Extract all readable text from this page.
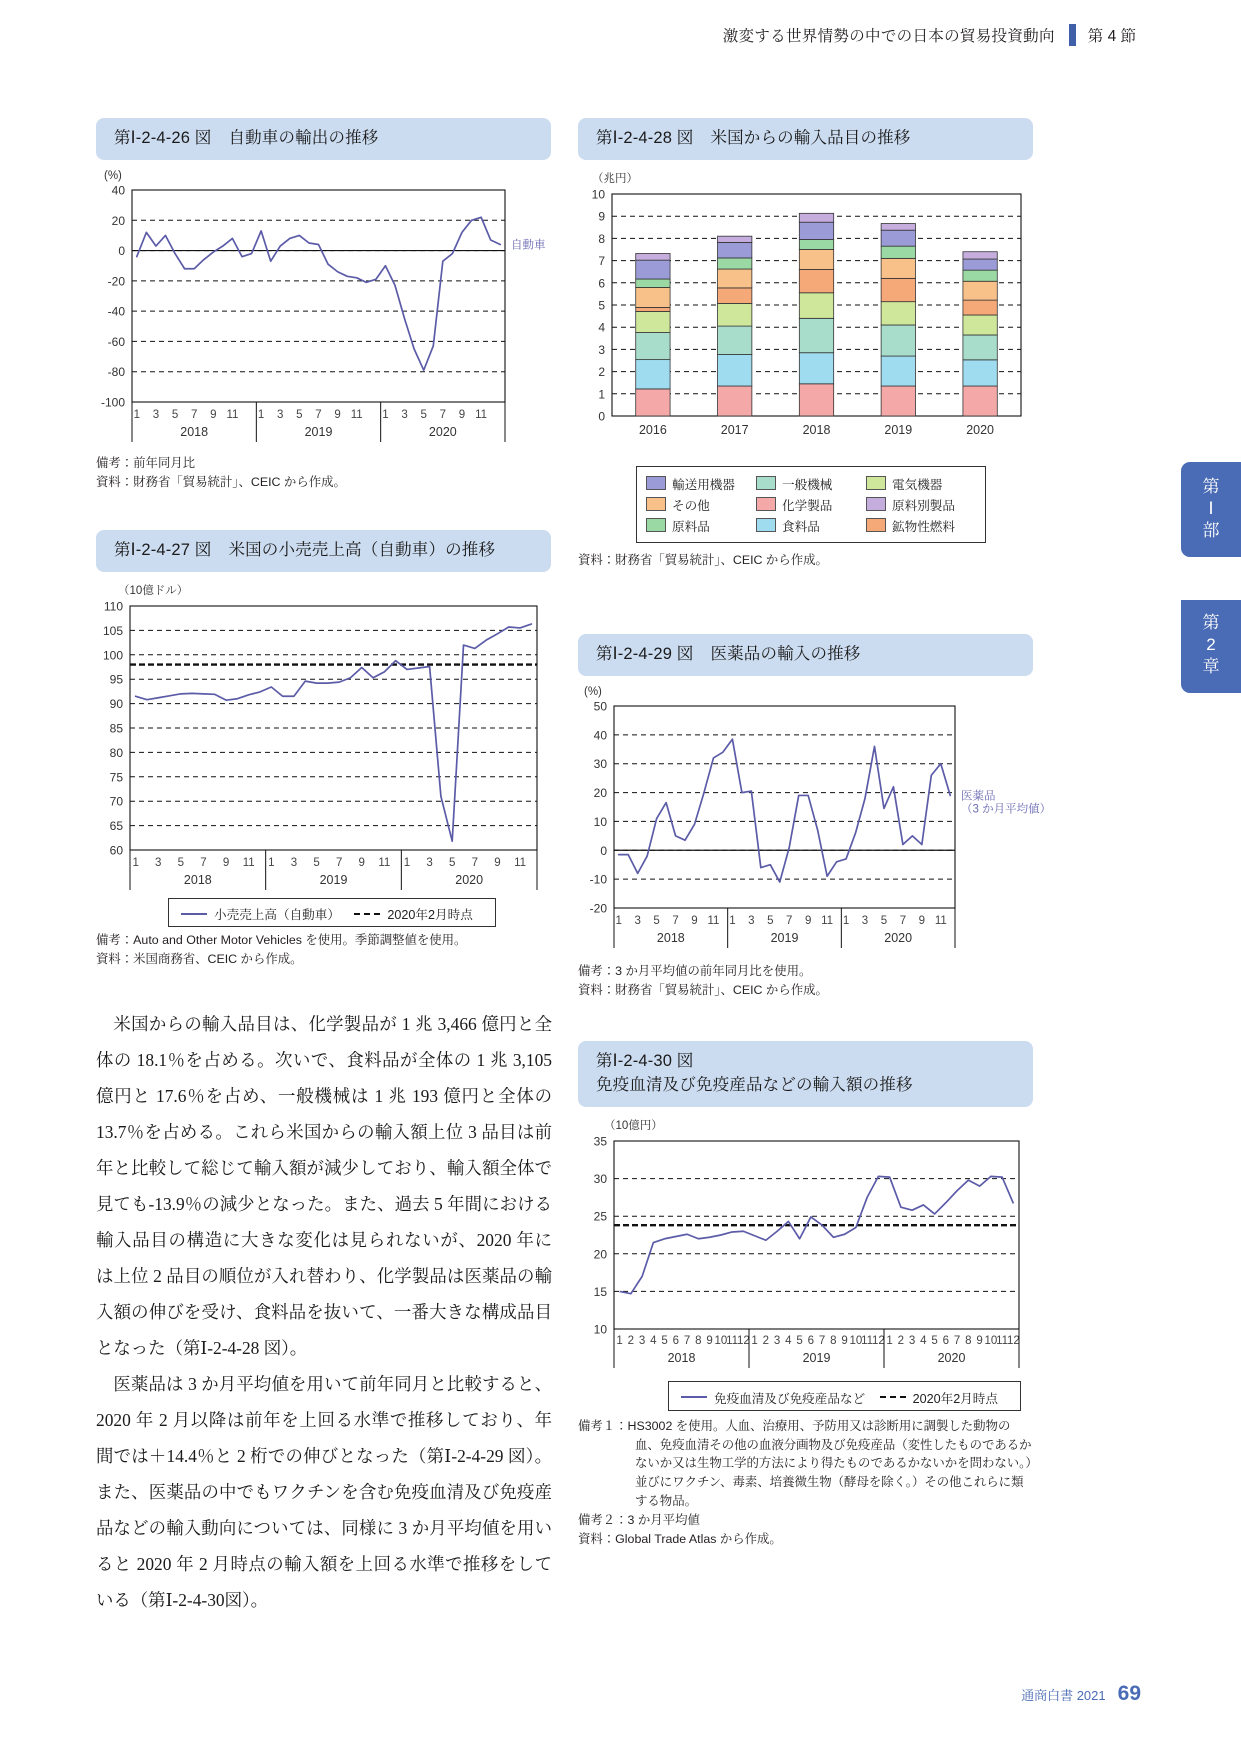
激変する世界情勢の中での日本の貿易投資動向 第 4 節
第
Ⅰ
部
第
2
章
第Ⅰ-2-4-26 図 自動車の輸出の推移
(%)
40
20
0
-20
-40
-60
-80
-100
1 3 5 7 9 11 1 3 5 7 9 11 1 3 5 7 9 11
2018	2019	2020
自動車
備考：前年同月比
資料：財務省「貿易統計」、CEIC から作成。
第Ⅰ-2-4-27 図 米国の小売売上高（自動車）の推移
（10億ドル）
110
105
100
95
90
85
80
75
70
65
60
1 3 5 7 9 11 1 3 5 7 9 11 1 3 5 7 9 11
2018	2019	2020
小売売上高（自動車）
	2020年2月時点
備考：Auto and Other Motor Vehicles を使用。季節調整値を使用。
資料：米国商務省、CEIC から作成。
第Ⅰ-2-4-28 図 米国からの輸入品目の推移
（兆円）
0
1
2
3
4
5
6
7
8
9
10
2016	2017	2018	2019	2020
輸送用機器	一般機械	電気機器
その他	化学製品	原料別製品
原料品	食料品	鉱物性燃料
資料：財務省「貿易統計」、CEIC から作成。
第Ⅰ-2-4-29 図 医薬品の輸入の推移
(%)
50
40
30
20
10
0
-10
-20
1 3 5 7 9 11 1 3 5 7 9 11 1 3 5 7 9 11
2018	2019	2020
医薬品
（3 か月平均値）
備考：3 か月平均値の前年同月比を使用。
資料：財務省「貿易統計」、CEIC から作成。
第Ⅰ-2-4-30 図
免疫血清及び免疫産品などの輸入額の推移
（10億円）
35
30
25
20
15
10
1 2 3 4 5 6 7 8 9 10
11
12 1 2 3 4 5 6 7 8 9 10
11
12 1 2 3 4 5 6 7 8 9 10
11
12
2018	2019	2020
免疫血清及び免疫産品など
	2020年2月時点
備考１：HS3002 を使用。人血、治療用、予防用又は診断用に調製した動物の血、免疫血清その他の血液分画物及び免疫産品（変性したものであるかないか又は生物工学的方法により得たものであるかないかを問わない。）並びにワクチン、毒素、培養微生物（酵母を除く。）その他これらに類する物品。
備考２：3 か月平均値
資料：Global Trade Atlas から作成。

米国からの輸入品目は、化学製品が 1 兆 3,466 億円と全体の 18.1％を占める。次いで、食料品が全体の 1 兆 3,105 億円と 17.6％を占め、一般機械は 1 兆 193 億円と全体の 13.7％を占める。これら米国からの輸入額上位 3 品目は前年と比較して総じて輸入額が減少しており、輸入額全体で見ても-13.9％の減少となった。また、過去 5 年間における輸入品目の構造に大きな変化は見られないが、2020 年には上位 2 品目の順位が入れ替わり、化学製品は医薬品の輸入額の伸びを受け、食料品を抜いて、一番大きな構成品目となった（第Ⅰ-2-4-28 図）。

医薬品は 3 か月平均値を用いて前年同月と比較すると、2020 年 2 月以降は前年を上回る水準で推移しており、年間では＋14.4％と 2 桁での伸びとなった（第Ⅰ-2-4-29 図）。また、医薬品の中でもワクチンを含む免疫血清及び免疫産品などの輸入動向については、同様に 3 か月平均値を用いると 2020 年 2 月時点の輸入額を上回る水準で推移をしている（第Ⅰ-2-4-30図）。

通商白書 2021 69
